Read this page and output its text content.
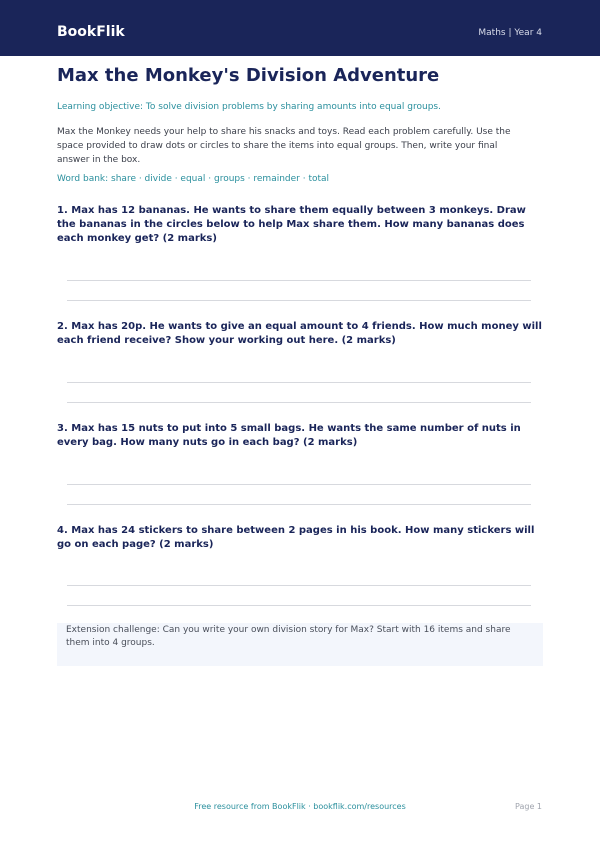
BookFlik	Maths | Year 4
Max the Monkey's Division Adventure
Learning objective: To solve division problems by sharing amounts into equal groups.
Max the Monkey needs your help to share his snacks and toys. Read each problem carefully. Use the space provided to draw dots or circles to share the items into equal groups. Then, write your final answer in the box.
Word bank: share · divide · equal · groups · remainder · total
1. Max has 12 bananas. He wants to share them equally between 3 monkeys. Draw the bananas in the circles below to help Max share them. How many bananas does each monkey get? (2 marks)
2. Max has 20p. He wants to give an equal amount to 4 friends. How much money will each friend receive? Show your working out here. (2 marks)
3. Max has 15 nuts to put into 5 small bags. He wants the same number of nuts in every bag. How many nuts go in each bag? (2 marks)
4. Max has 24 stickers to share between 2 pages in his book. How many stickers will go on each page? (2 marks)
Extension challenge: Can you write your own division story for Max? Start with 16 items and share them into 4 groups.
Free resource from BookFlik · bookflik.com/resources	Page 1
